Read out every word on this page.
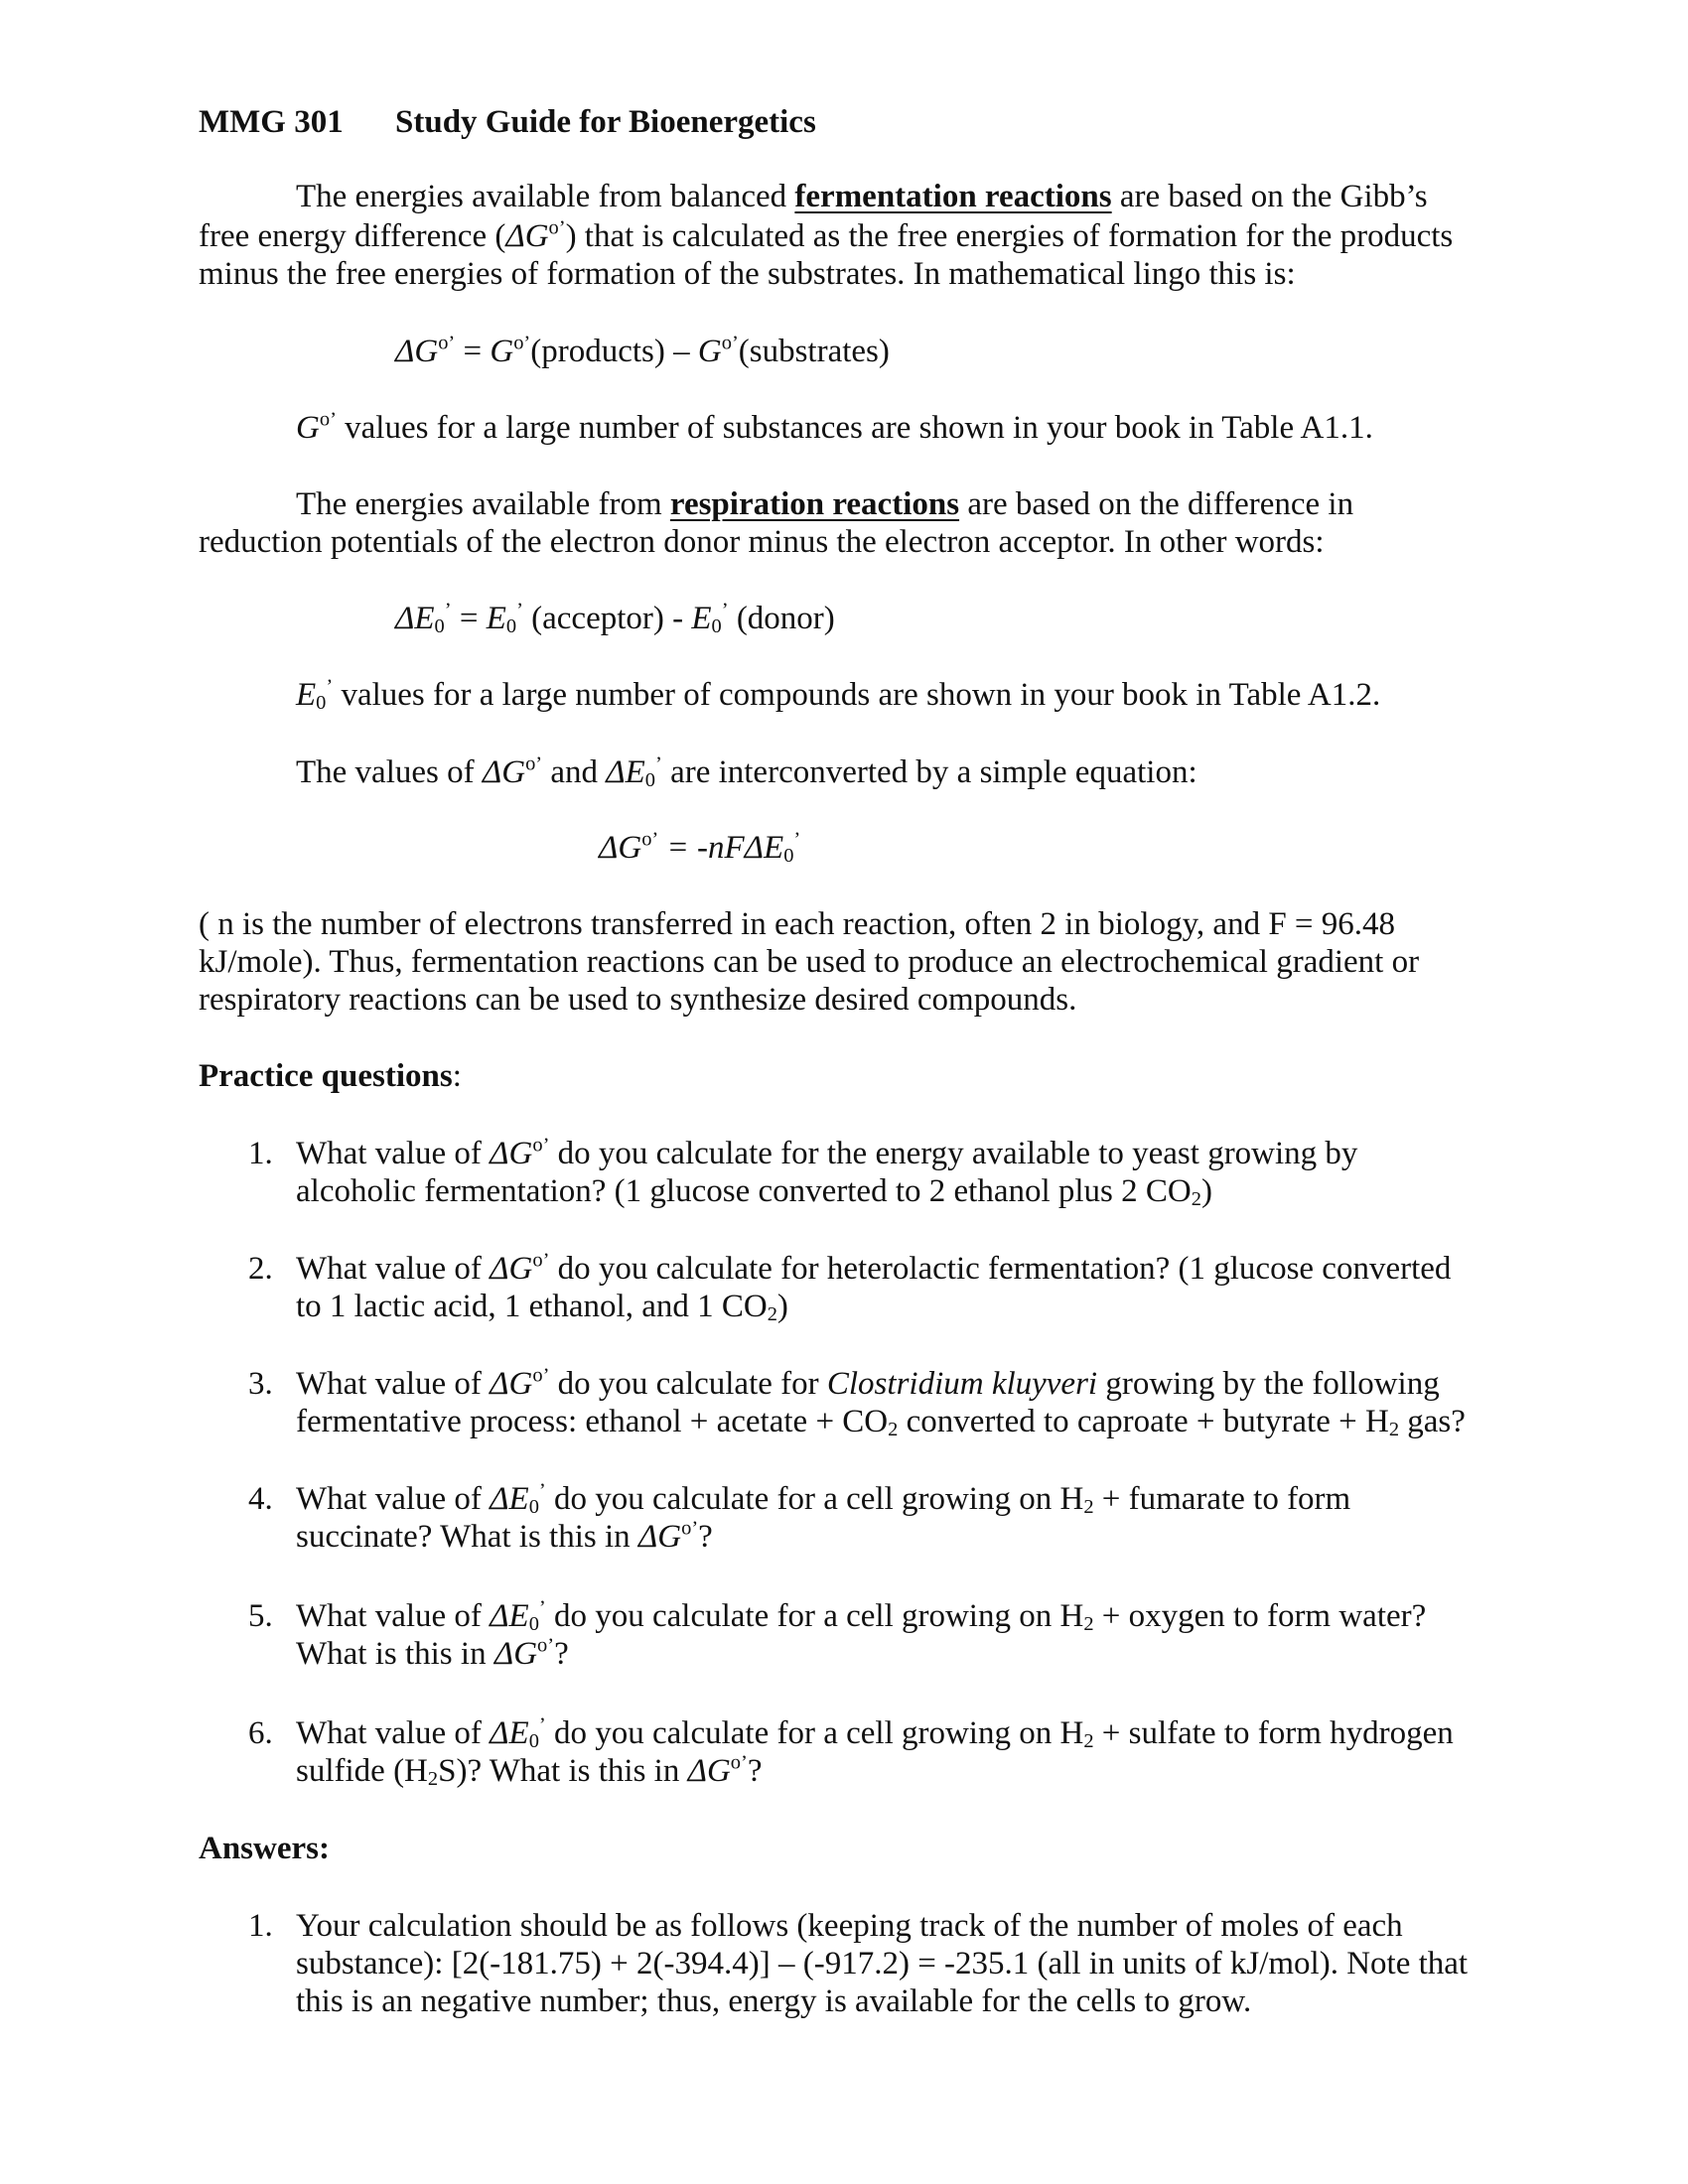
MMG 301 Study Guide for Bioenergetics
The energies available from balanced fermentation reactions are based on the Gibb’s
free energy difference $(\Delta G^{o’})$ that is calculated as the free energies of formation for the products
minus the free energies of formation of the substrates. In mathematical lingo this is:
$\Delta G^{o’}$ = $G^{o’}(products)$ – $G^{o’}(substrates)$
$G^{o’}$ values for a large number of substances are shown in your book in Table A1.1.
The energies available from respiration reactions are based on the difference in
reduction potentials of the electron donor minus the electron acceptor. In other words:
$\Delta E_0^’ = E_0^’$ (acceptor) - $E_0^’$ (donor)
$E_0^’$ values for a large number of compounds are shown in your book in Table A1.2.
The values of $\Delta G^{o’}$ and $\Delta E_0^’$ are interconverted by a simple equation:
$\Delta G^{o’} = -nF\Delta E_0^’$
( n is the number of electrons transferred in each reaction, often 2 in biology, and F = 96.48
kJ/mole). Thus, fermentation reactions can be used to produce an electrochemical gradient or
respiratory reactions can be used to synthesize desired compounds.
Practice questions:
1. What value of $\Delta G^{o’}$ do you calculate for the energy available to yeast growing by
alcoholic fermentation? (1 glucose converted to 2 ethanol plus 2 $CO_2$)
2. What value of $\Delta G^{o’}$ do you calculate for heterolactic fermentation? (1 glucose converted
to 1 lactic acid, 1 ethanol, and 1 $CO_2$)
3. What value of $\Delta G^{o’}$ do you calculate for Clostridium kluyveri growing by the following
fermentative process: ethanol + acetate + $CO_2$ converted to caproate + butyrate + $H_2$ gas?
4. What value of $\Delta E_0^’$ do you calculate for a cell growing on $H_2$ + fumarate to form
succinate? What is this in $\Delta G^{o’}$?
5. What value of $\Delta E_0^’$ do you calculate for a cell growing on $H_2$ + oxygen to form water?
What is this in $\Delta G^{o’}$?
6. What value of $\Delta E_0^’$ do you calculate for a cell growing on $H_2$ + sulfate to form hydrogen
sulfide $(H_2S)$? What is this in $\Delta G^{o’}$?
Answers:
1. Your calculation should be as follows (keeping track of the number of moles of each
substance): [2(-181.75) + 2(-394.4)] – (-917.2) = -235.1 (all in units of kJ/mol). Note that
this is an negative number; thus, energy is available for the cells to grow.
